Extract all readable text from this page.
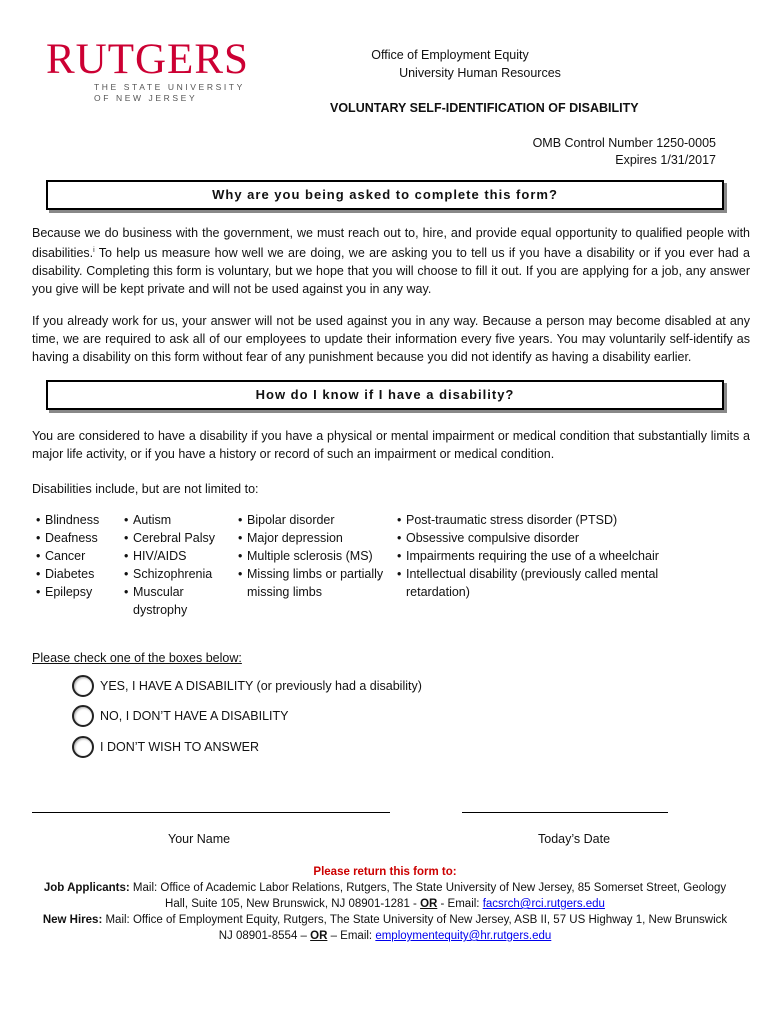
RUTGERS
THE STATE UNIVERSITY
OF NEW JERSEY
Office of Employment Equity
University Human Resources
VOLUNTARY SELF-IDENTIFICATION OF DISABILITY
OMB Control Number 1250-0005
Expires 1/31/2017
Why are you being asked to complete this form?
Because we do business with the government, we must reach out to, hire, and provide equal opportunity to qualified people with disabilities.$^i$ To help us measure how well we are doing, we are asking you to tell us if you have a disability or if you ever had a disability. Completing this form is voluntary, but we hope that you will choose to fill it out. If you are applying for a job, any answer you give will be kept private and will not be used against you in any way.
If you already work for us, your answer will not be used against you in any way. Because a person may become disabled at any time, we are required to ask all of our employees to update their information every five years. You may voluntarily self-identify as having a disability on this form without fear of any punishment because you did not identify as having a disability earlier.
How do I know if I have a disability?
You are considered to have a disability if you have a physical or mental impairment or medical condition that substantially limits a major life activity, or if you have a history or record of such an impairment or medical condition.
Disabilities include, but are not limited to:
• Blindness
• Deafness
• Cancer
• Diabetes
• Epilepsy
• Autism
• Cerebral Palsy
• HIV/AIDS
• Schizophrenia
• Muscular dystrophy
• Bipolar disorder
• Major depression
• Multiple sclerosis (MS)
• Missing limbs or partially missing limbs
• Post-traumatic stress disorder (PTSD)
• Obsessive compulsive disorder
• Impairments requiring the use of a wheelchair
• Intellectual disability (previously called mental retardation)
Please check one of the boxes below:
YES, I HAVE A DISABILITY (or previously had a disability)
NO, I DON’T HAVE A DISABILITY
I DON’T WISH TO ANSWER
Your Name	Today’s Date
Please return this form to:
Job Applicants: Mail: Office of Academic Labor Relations, Rutgers, The State University of New Jersey, 85 Somerset Street, Geology Hall, Suite 105, New Brunswick, NJ 08901-1281 - OR - Email: facsrch@rci.rutgers.edu
New Hires: Mail: Office of Employment Equity, Rutgers, The State University of New Jersey, ASB II, 57 US Highway 1, New Brunswick NJ 08901-8554 – OR – Email: employmentequity@hr.rutgers.edu
